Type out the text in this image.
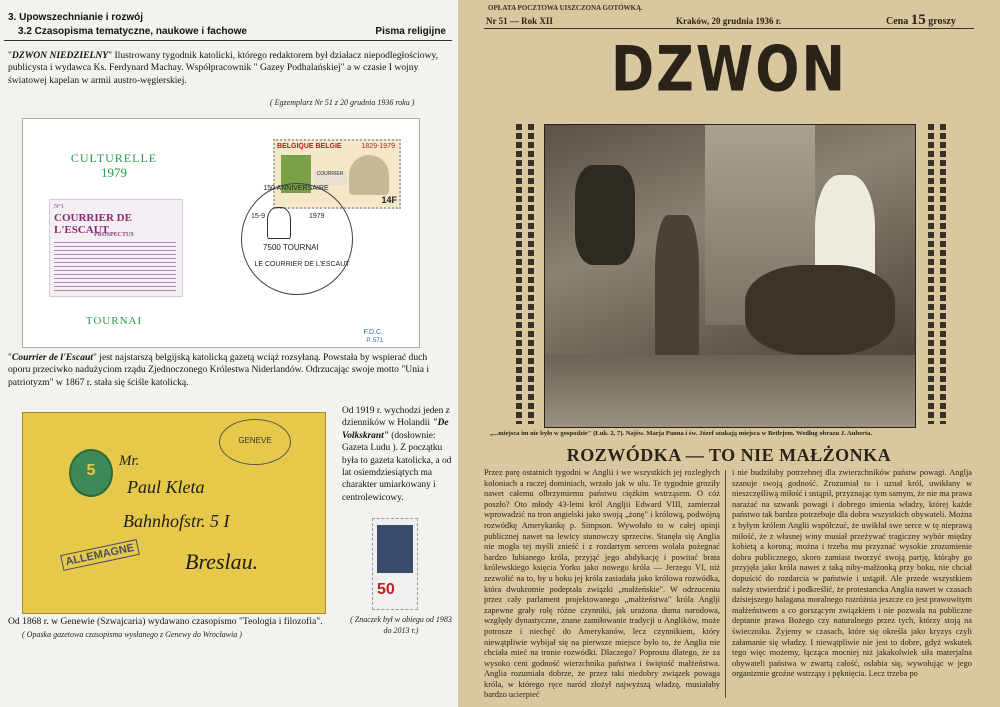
3. Upowszechnianie i rozwój
3.2 Czasopisma tematyczne, naukowe i fachowe	Pisma religijne
"DZWON NIEDZIELNY" Ilustrowany tygodnik katolicki, którego redaktorem był działacz niepodległościowy, publicysta i wydawca Ks. Ferdynard Machay. Współpracownik " Gazey Podhalańskiej" a w czasie I wojny światowej kapelan w armii austro-węgierskiej.
( Egzemplarz Nr 51 z 20 grudnia 1936 roku )
CULTURELLE
1979
N°1
COURRIER DE L'ESCAUT
PROSPECTUS
BELGIQUE BELGIE	1829-1979
COURRIER
14F
150 ANNIVERSAIRE
15-9	1979
7500 TOURNAI
LE COURRIER DE L'ESCAUT
TOURNAI
F.D.C.
P. 571
"Courrier de l'Escaut" jest najstarszą belgijską katolicką gazetą wciąż rozsyłaną. Powstała by wspierać duch oporu przeciwko nadużyciom rządu Zjednoczonego Królestwa Niderlandów. Odrzucając swoje motto "Unia i patriotyzm" w 1867 r. stała się ściśle katolicką.
5
GENEVE
Mr.
Paul Kleta
Bahnhofstr. 5 I
Breslau.
ALLEMAGNE
Od 1919 r. wychodzi jeden z dzienników w Holandii "De Volkskrant" (dosłownie: Gazeta Ludu ). Z początku była to gazeta katolicka, a od lat osiemdziesiątych ma charakter umiarkowany i centrolewicowy.
50
( Znaczek był w obiegu od 1983 do 2013 r.)
Od 1868 r. w Genewie (Szwajcaria) wydawano czasopismo "Teologia i filozofia".
( Opaska gazetowa czasopisma wysłanego z Genewy do Wrocławia )
OPŁATA POCZTOWA UISZCZONA GOTÓWKĄ.
Nr 51 — Rok XII	Kraków, 20 grudnia 1936 r.	Cena 15 groszy
DZWON
„...miejsca im nie było w gospodzie" (Łuk. 2, 7). Najśw. Marja Panna i św. Józef szukają miejsca w Betlejem. Według obrazu J. Auberta.
ROZWÓDKA — TO NIE MAŁŻONKA
Przez parę ostatnich tygodni w Anglii i we wszystkich jej rozległych koloniach a raczej dominiach, wrzało jak w ulu. Te tygodnie groziły nawet całemu olbrzymiemu państwu ciężkim wstrząsem. O cóż poszło? Oto młody 43-letni król Angljii Edward VIII, zamierzał wprowadzić na tron angielski jako swoją „żonę" i królową, podwójną rozwódkę Amerykankę p. Simpson. Wywołało to w całej opinji publicznej nawet na lewicy stanowczy sprzeciw. Stanęła się Anglia nie mogła tej myśli znieść i z rozdartym sercem wolała pożegnać bardzo lubianego króla, przyjąć jego abdykację i powitać brata królewskiego księcia Yorku jako nowego króla — Jerzego VI, niż zezwolić na to, by u boku jej króla zasiadała jako królowa rozwódka, która dwukrotnie podeptała związki „małżeńskie". W odrzuceniu przez cały parlament projektowanego „małżeństwa" króla Anglji zapewne grały rolę różne czynniki, jak urażona duma narodowa, względy dynastyczne, znane zamiłowanie tradycji u Anglików, może potrosze i niechęć do Amerykanów, lecz czynnikiem, który niewątpliwie wybijał się na pierwsze miejsce było to, że Anglia nie chciała mieć na tronie rozwódki. Dlaczego? Poprostu dlatego, że za wysoko ceni godność wierzchnika państwa i świętość małżeństwa. Anglia rozumiała dobrze, że przez taki niedobry związek powaga króla, w którego ręce naród złożył najwyższą władzę, musiałaby bardzo ucierpieć
i nie budziłaby potrzebnej dla zwierzchników państw powagi. Anglja szanuje swoją godność. Zrozumiał to i uznał król, uwikłany w nieszczęśliwą miłość i ustąpił, przyznając tym samym, że nie ma prawa narażać na szwank powagi i dobrego imienia władzy, której każde państwo tak bardzo potrzebuje dla dobra wszystkich obywateli. Można z byłym królem Anglii współczuć, że uwikłał swe serce w tę nieprawą miłość, że z własnej winy musiał przeżywać tragiczny wybór między kobietą a koroną; można i trzeba mu przyznać wysokie zrozumienie dobra publicznego, skoro zamiast tworzyć swoją partję, którąby go przyjęła jako króla nawet z taką niby-małżonką przy boku, nie chciał dopuścić do rozdarcia w państwie i ustąpił. Ale przede wszystkiem należy stwierdzić i podkreślić, że protestancka Anglia nawet w czasach dzisiejszego halagana moralnego rozróżnia jeszcze co jest prawowitym małżeństwem a co gorszącym związkiem i nie pozwala na publiczne deptanie prawa Bożego czy naturalnego przez tych, którzy stoją na świeczniku. Żyjemy w czasach, które się określa jako kryzys czyli załamanie się władzy. I niewątpliwie nie jest to dobre, gdyż wskutek tego więc możemy, łącząca mocniej niż jakakolwiek siła materjalna obywateli państwa w zwartą całość, osłabia się, wywołując w jego organizmie groźne wstrząsy i pęknięcia. Lecz trzeba po
